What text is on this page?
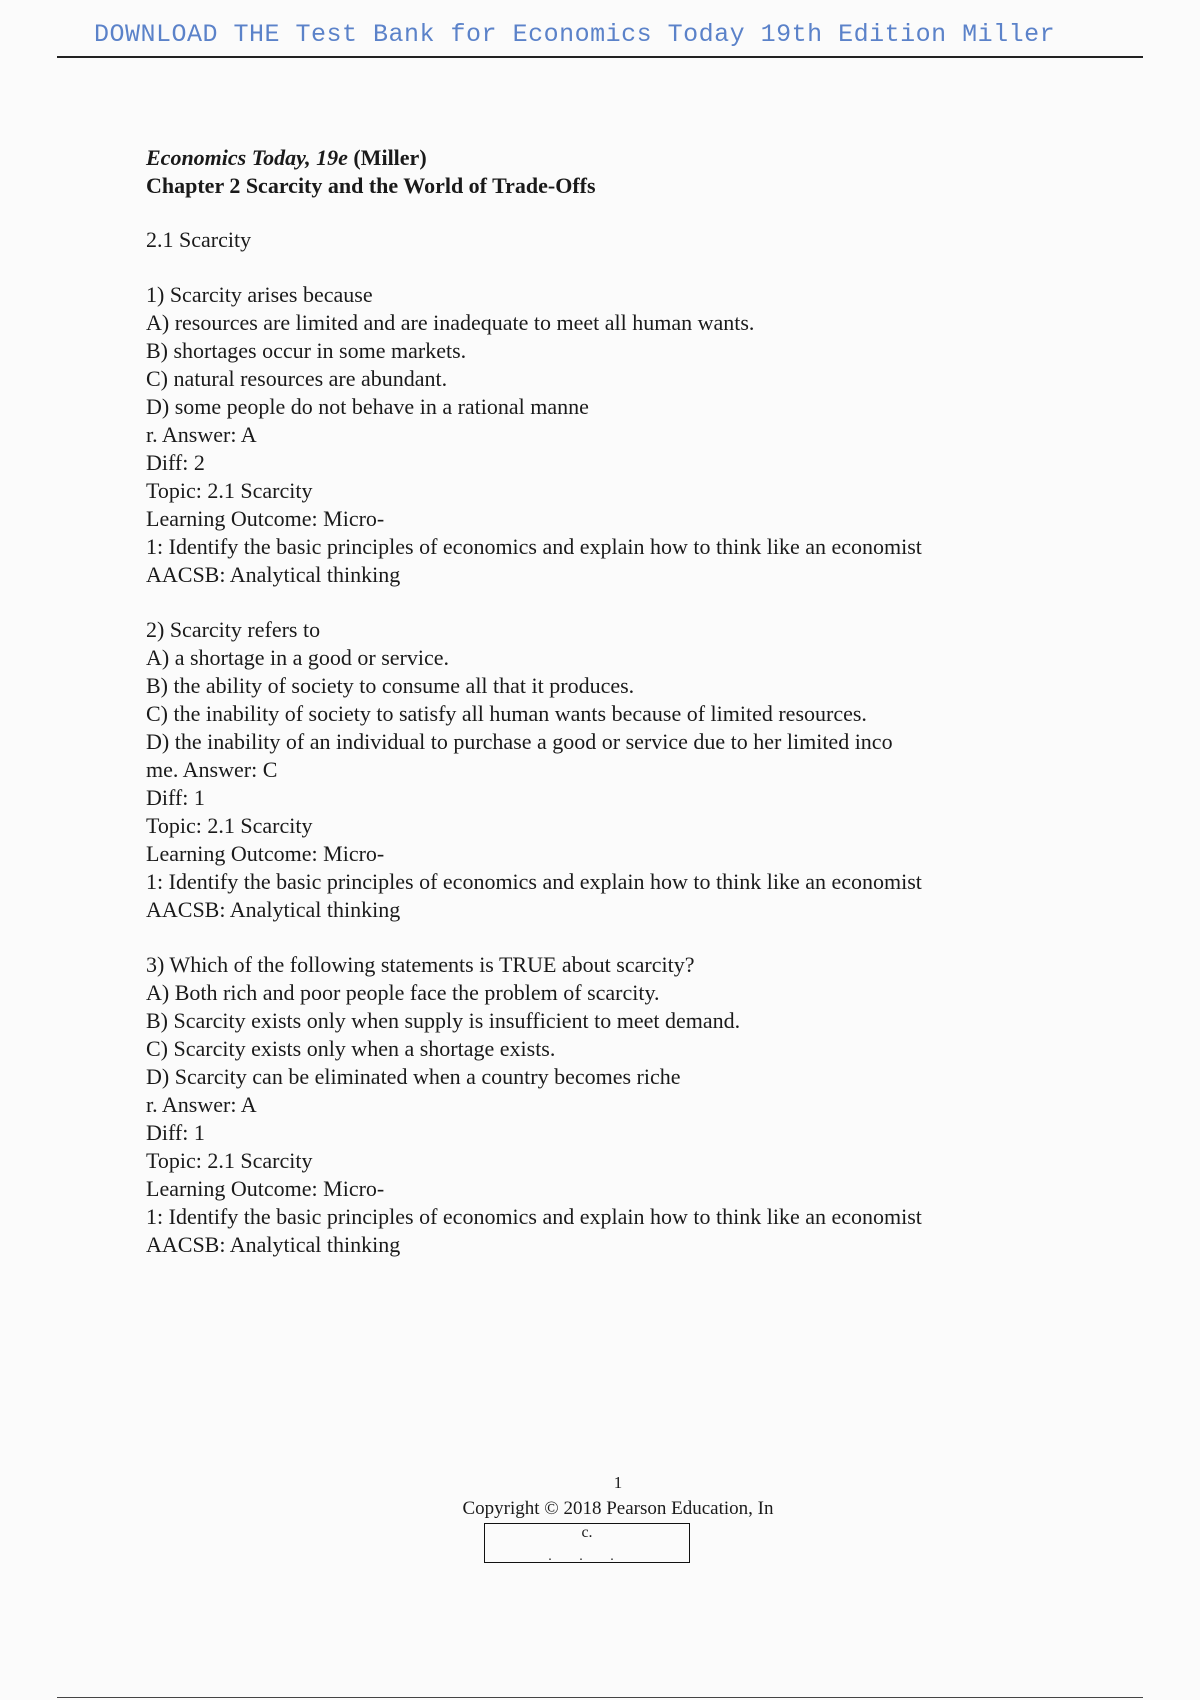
DOWNLOAD THE Test Bank for Economics Today 19th Edition Miller
Economics Today, 19e (Miller)
Chapter 2 Scarcity and the World of Trade-Offs
2.1 Scarcity
1) Scarcity arises because
A) resources are limited and are inadequate to meet all human wants.
B) shortages occur in some markets.
C) natural resources are abundant.
D) some people do not behave in a rational manne
r. Answer: A
Diff: 2
Topic: 2.1 Scarcity
Learning Outcome: Micro-
1: Identify the basic principles of economics and explain how to think like an economist
AACSB: Analytical thinking
2) Scarcity refers to
A) a shortage in a good or service.
B) the ability of society to consume all that it produces.
C) the inability of society to satisfy all human wants because of limited resources.
D) the inability of an individual to purchase a good or service due to her limited inco
me. Answer: C
Diff: 1
Topic: 2.1 Scarcity
Learning Outcome: Micro-
1: Identify the basic principles of economics and explain how to think like an economist
AACSB: Analytical thinking
3) Which of the following statements is TRUE about scarcity?
A) Both rich and poor people face the problem of scarcity.
B) Scarcity exists only when supply is insufficient to meet demand.
C) Scarcity exists only when a shortage exists.
D) Scarcity can be eliminated when a country becomes riche
r. Answer: A
Diff: 1
Topic: 2.1 Scarcity
Learning Outcome: Micro-
1: Identify the basic principles of economics and explain how to think like an economist
AACSB: Analytical thinking
1
Copyright © 2018 Pearson Education, In
c.
. . .
